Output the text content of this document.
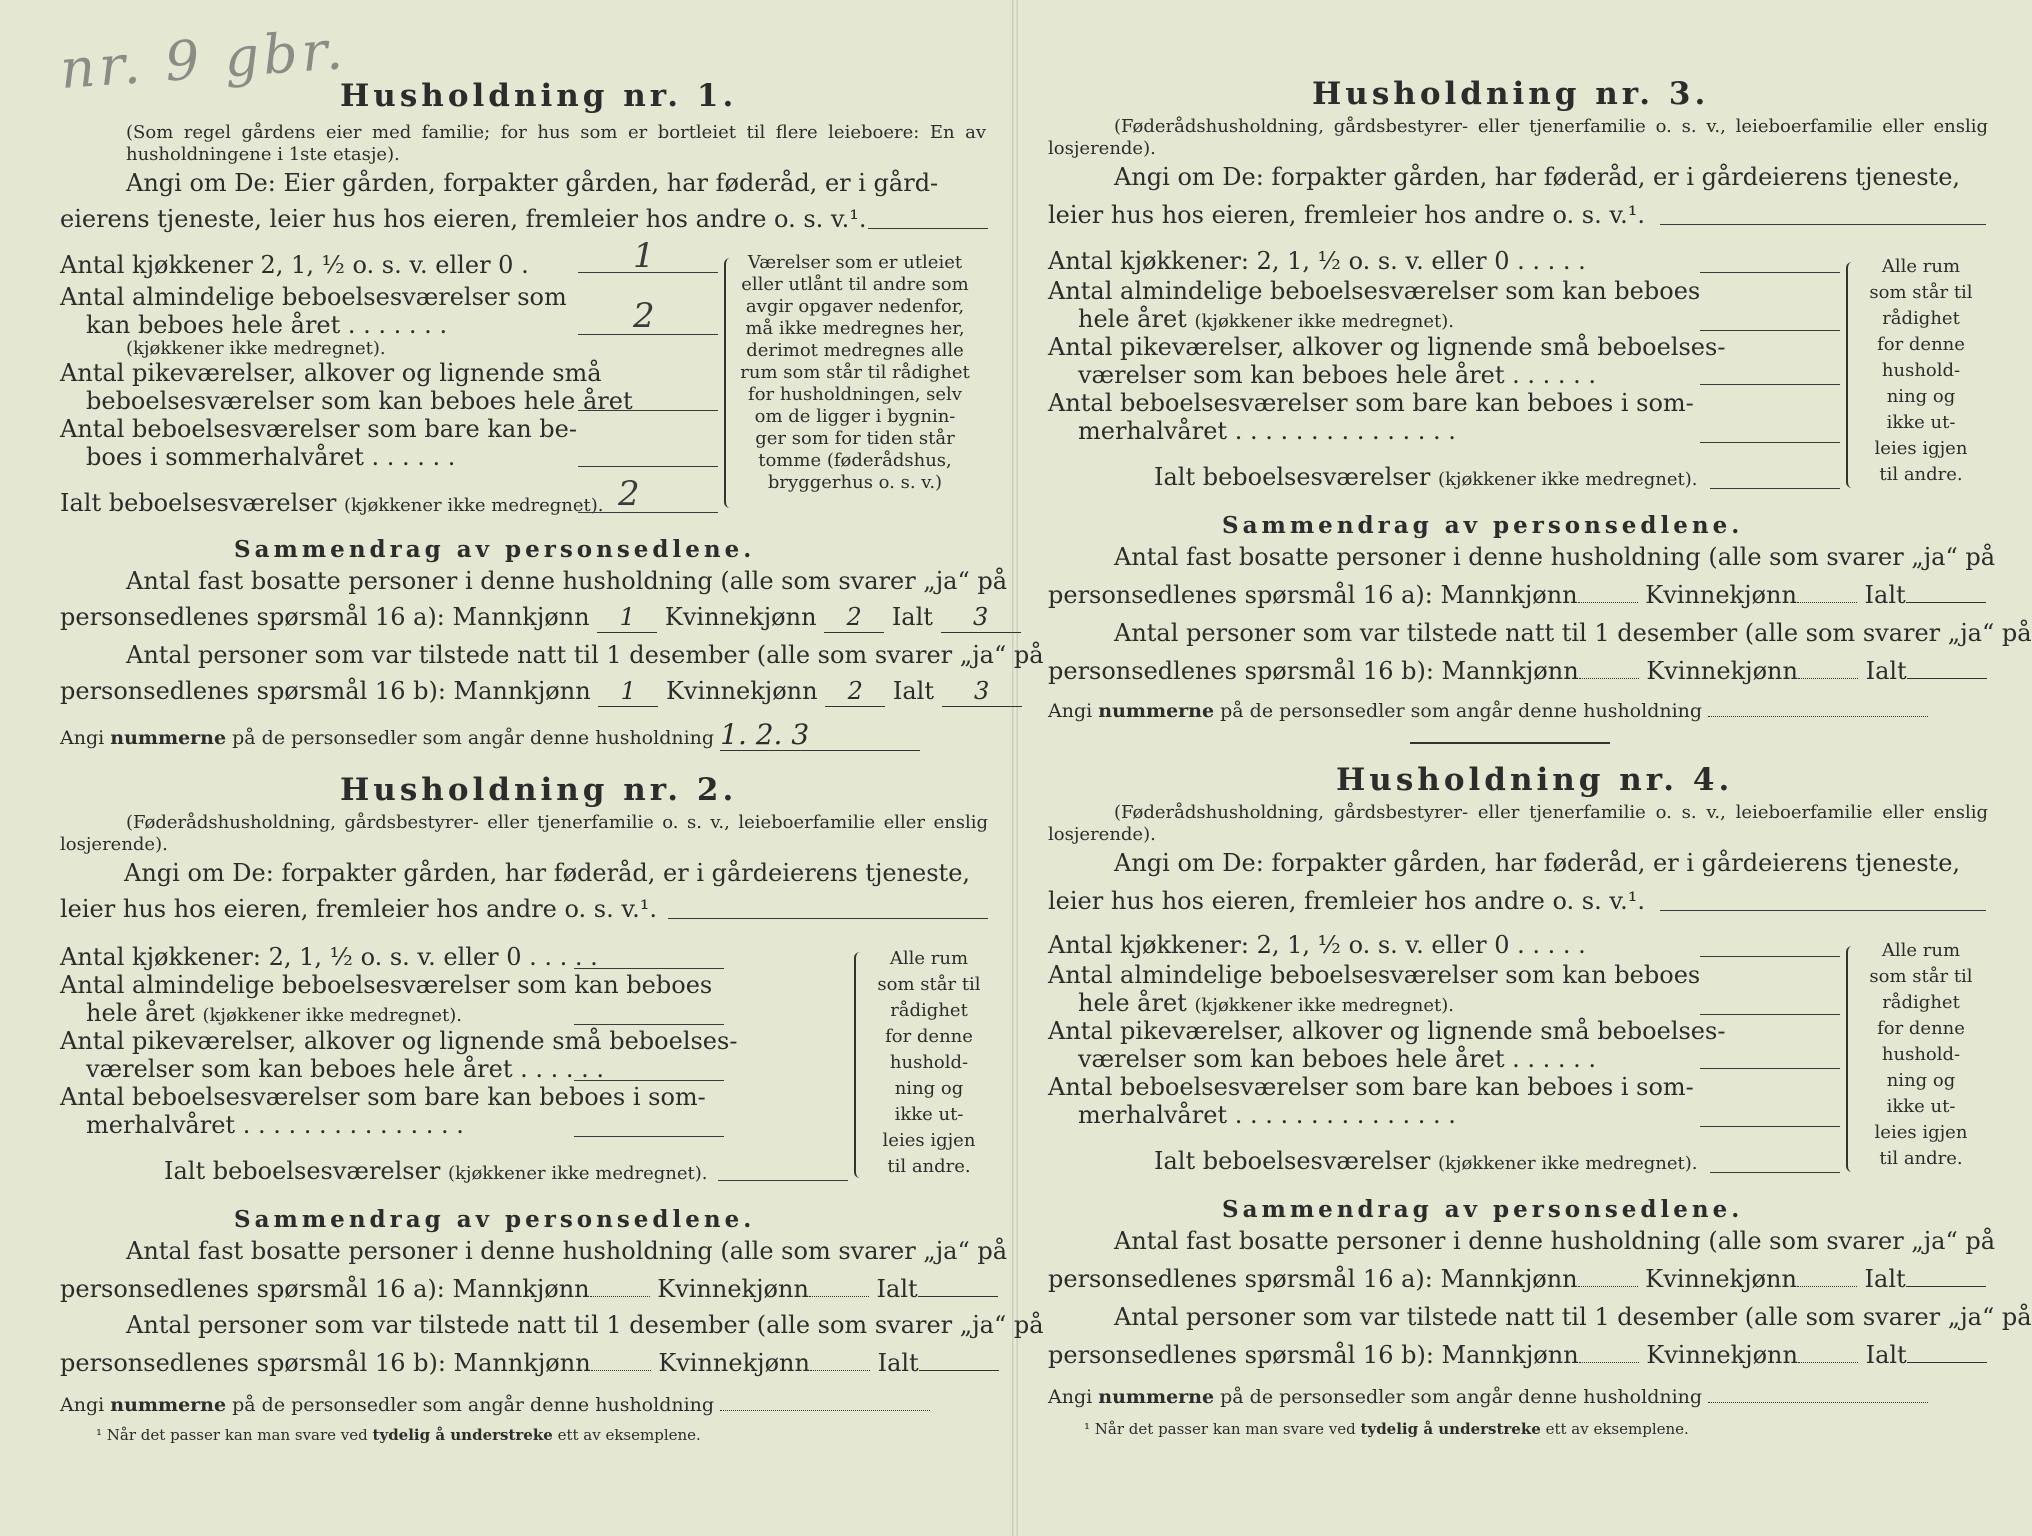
nr. 9 gbr.
Husholdning nr. 1.
(Som regel gårdens eier med familie; for hus som er bortleiet til flere leieboere: En av husholdningene i 1ste etasje).
Angi om De: Eier gården, forpakter gården, har føderåd, er i gård-
eierens tjeneste, leier hus hos eieren, fremleier hos andre o. s. v.¹.
Antal kjøkkener 2, 1, ½ o. s. v. eller 0 .	1
Antal almindelige beboelsesværelser som
kan beboes hele året . . . . . . .
(kjøkkener ikke medregnet).
2
Antal pikeværelser, alkover og lignende små
beboelsesværelser som kan beboes hele året
Antal beboelsesværelser som bare kan be-
boes i sommerhalvåret . . . . . .
Ialt beboelsesværelser (kjøkkener ikke medregnet). 2
Værelser som er utleiet
eller utlånt til andre som
avgir opgaver nedenfor,
må ikke medregnes her,
derimot medregnes alle
rum som står til rådighet
for husholdningen, selv
om de ligger i bygnin-
ger som for tiden står
tomme (føderådshus,
bryggerhus o. s. v.)
Sammendrag av personsedlene.
Antal fast bosatte personer i denne husholdning (alle som svarer „ja“ på
personsedlenes spørsmål 16 a): Mannkjønn 1 Kvinnekjønn 2 Ialt 3
Antal personer som var tilstede natt til 1 desember (alle som svarer „ja“ på
personsedlenes spørsmål 16 b): Mannkjønn 1 Kvinnekjønn 2 Ialt 3
Angi nummerne på de personsedler som angår denne husholdning 1. 2. 3
Husholdning nr. 2.
(Føderådshusholdning, gårdsbestyrer- eller tjenerfamilie o. s. v., leieboerfamilie eller enslig losjerende).
Angi om De: forpakter gården, har føderåd, er i gårdeierens tjeneste,
leier hus hos eieren, fremleier hos andre o. s. v.¹.
Antal kjøkkener: 2, 1, ½ o. s. v. eller 0 . . . . .
Antal almindelige beboelsesværelser som kan beboes
hele året (kjøkkener ikke medregnet).
Antal pikeværelser, alkover og lignende små beboelses-
værelser som kan beboes hele året . . . . . .
Antal beboelsesværelser som bare kan beboes i som-
merhalvåret . . . . . . . . . . . . . . .
Ialt beboelsesværelser (kjøkkener ikke medregnet).
Alle rum
som står til
rådighet
for denne
hushold-
ning og
ikke ut-
leies igjen
til andre.
Sammendrag av personsedlene.
Antal fast bosatte personer i denne husholdning (alle som svarer „ja“ på
personsedlenes spørsmål 16 a): Mannkjønn	Kvinnekjønn	Ialt
Antal personer som var tilstede natt til 1 desember (alle som svarer „ja“ på
personsedlenes spørsmål 16 b): Mannkjønn	Kvinnekjønn	Ialt
Angi nummerne på de personsedler som angår denne husholdning
¹ Når det passer kan man svare ved tydelig å understreke ett av eksemplene.
Husholdning nr. 3.
(Føderådshusholdning, gårdsbestyrer- eller tjenerfamilie o. s. v., leieboerfamilie eller enslig losjerende).
Angi om De: forpakter gården, har føderåd, er i gårdeierens tjeneste,
leier hus hos eieren, fremleier hos andre o. s. v.¹.
Antal kjøkkener: 2, 1, ½ o. s. v. eller 0 . . . . .
Antal almindelige beboelsesværelser som kan beboes
hele året (kjøkkener ikke medregnet).
Antal pikeværelser, alkover og lignende små beboelses-
værelser som kan beboes hele året . . . . . .
Antal beboelsesværelser som bare kan beboes i som-
merhalvåret . . . . . . . . . . . . . . .
Ialt beboelsesværelser (kjøkkener ikke medregnet).
Alle rum
som står til
rådighet
for denne
hushold-
ning og
ikke ut-
leies igjen
til andre.
Sammendrag av personsedlene.
Antal fast bosatte personer i denne husholdning (alle som svarer „ja“ på
personsedlenes spørsmål 16 a): Mannkjønn	Kvinnekjønn	Ialt
Antal personer som var tilstede natt til 1 desember (alle som svarer „ja“ på
personsedlenes spørsmål 16 b): Mannkjønn	Kvinnekjønn	Ialt
Angi nummerne på de personsedler som angår denne husholdning
Husholdning nr. 4.
(Føderådshusholdning, gårdsbestyrer- eller tjenerfamilie o. s. v., leieboerfamilie eller enslig losjerende).
Angi om De: forpakter gården, har føderåd, er i gårdeierens tjeneste,
leier hus hos eieren, fremleier hos andre o. s. v.¹.
Antal kjøkkener: 2, 1, ½ o. s. v. eller 0 . . . . .
Antal almindelige beboelsesværelser som kan beboes
hele året (kjøkkener ikke medregnet).
Antal pikeværelser, alkover og lignende små beboelses-
værelser som kan beboes hele året . . . . . .
Antal beboelsesværelser som bare kan beboes i som-
merhalvåret . . . . . . . . . . . . . . .
Ialt beboelsesværelser (kjøkkener ikke medregnet).
Alle rum
som står til
rådighet
for denne
hushold-
ning og
ikke ut-
leies igjen
til andre.
Sammendrag av personsedlene.
Antal fast bosatte personer i denne husholdning (alle som svarer „ja“ på
personsedlenes spørsmål 16 a): Mannkjønn	Kvinnekjønn	Ialt
Antal personer som var tilstede natt til 1 desember (alle som svarer „ja“ på
personsedlenes spørsmål 16 b): Mannkjønn	Kvinnekjønn	Ialt
Angi nummerne på de personsedler som angår denne husholdning
¹ Når det passer kan man svare ved tydelig å understreke ett av eksemplene.
